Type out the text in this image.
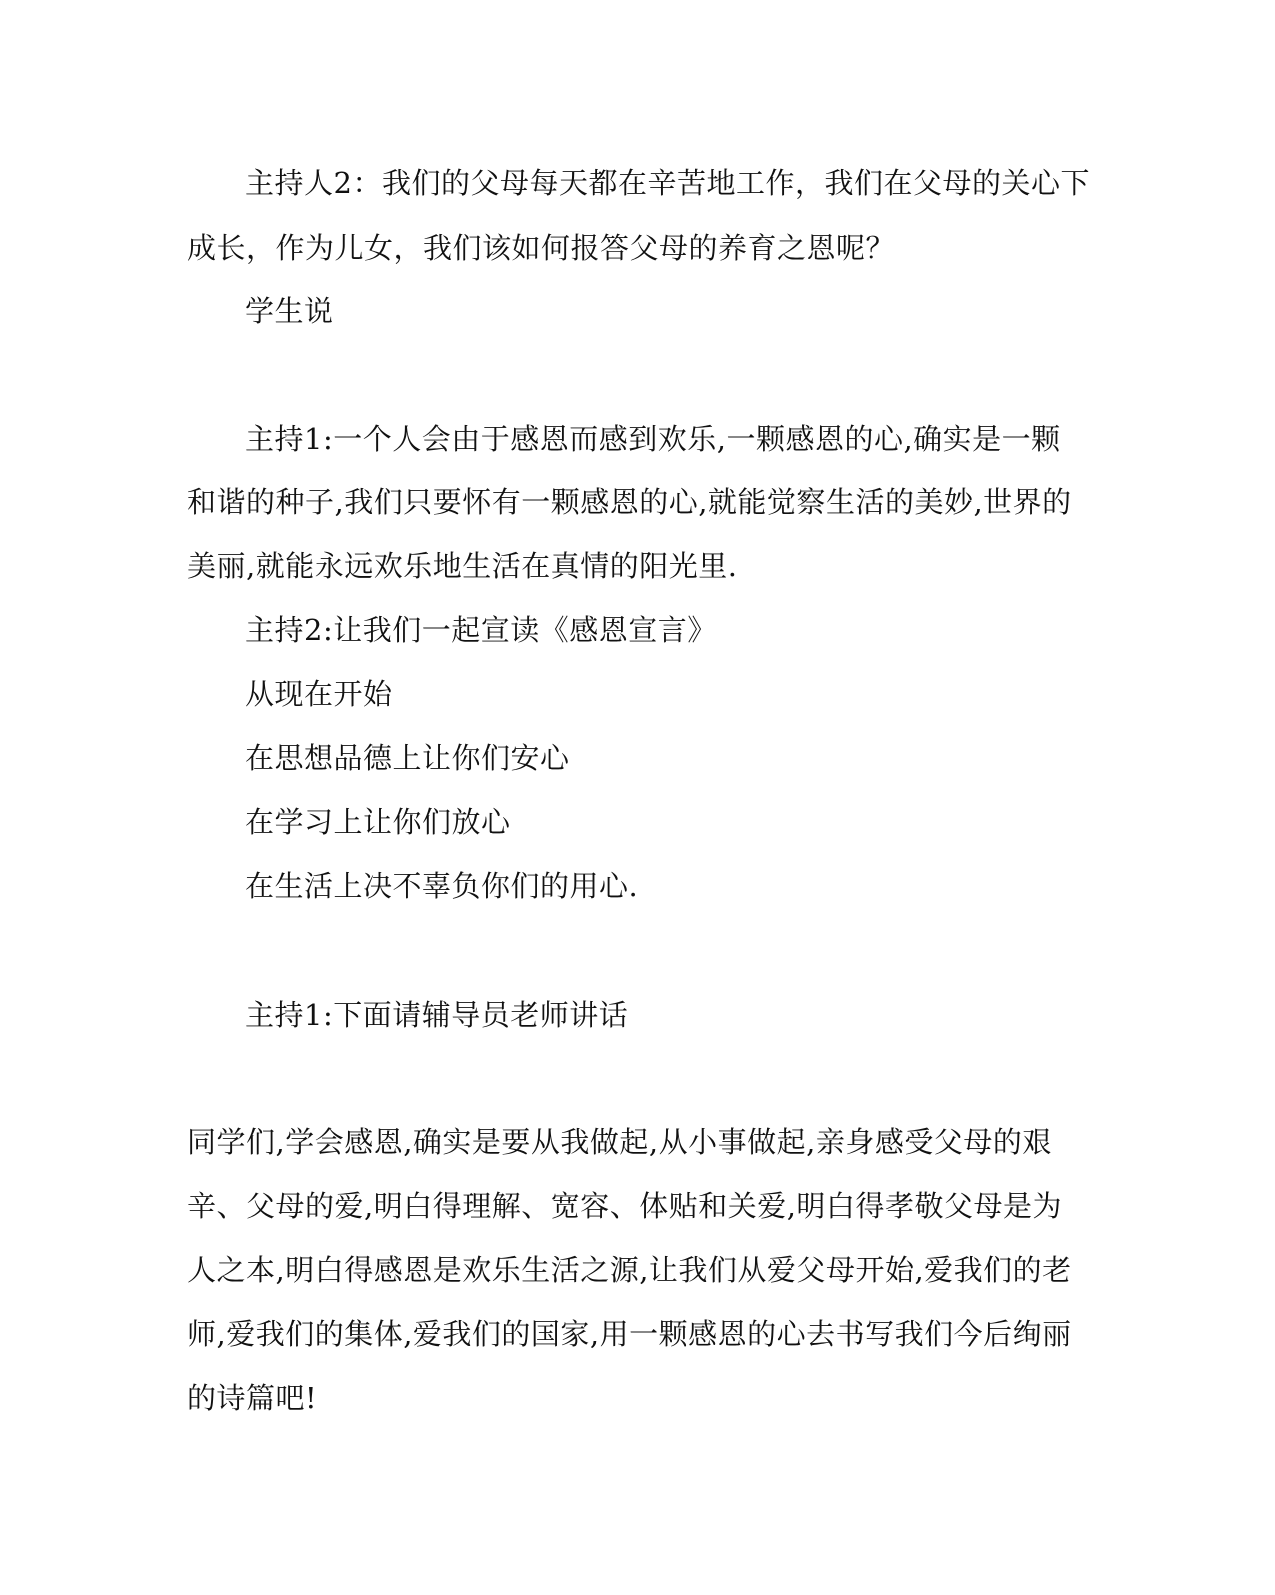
主持人2：我们的父母每天都在辛苦地工作，我们在父母的关心下
成长，作为儿女，我们该如何报答父母的养育之恩呢？
学生说
主持1:一个人会由于感恩而感到欢乐,一颗感恩的心,确实是一颗
和谐的种子,我们只要怀有一颗感恩的心,就能觉察生活的美妙,世界的
美丽,就能永远欢乐地生活在真情的阳光里.
主持2:让我们一起宣读《感恩宣言》
从现在开始
在思想品德上让你们安心
在学习上让你们放心
在生活上决不辜负你们的用心.
主持1:下面请辅导员老师讲话
同学们,学会感恩,确实是要从我做起,从小事做起,亲身感受父母的艰
辛、父母的爱,明白得理解、宽容、体贴和关爱,明白得孝敬父母是为
人之本,明白得感恩是欢乐生活之源,让我们从爱父母开始,爱我们的老
师,爱我们的集体,爱我们的国家,用一颗感恩的心去书写我们今后绚丽
的诗篇吧!
